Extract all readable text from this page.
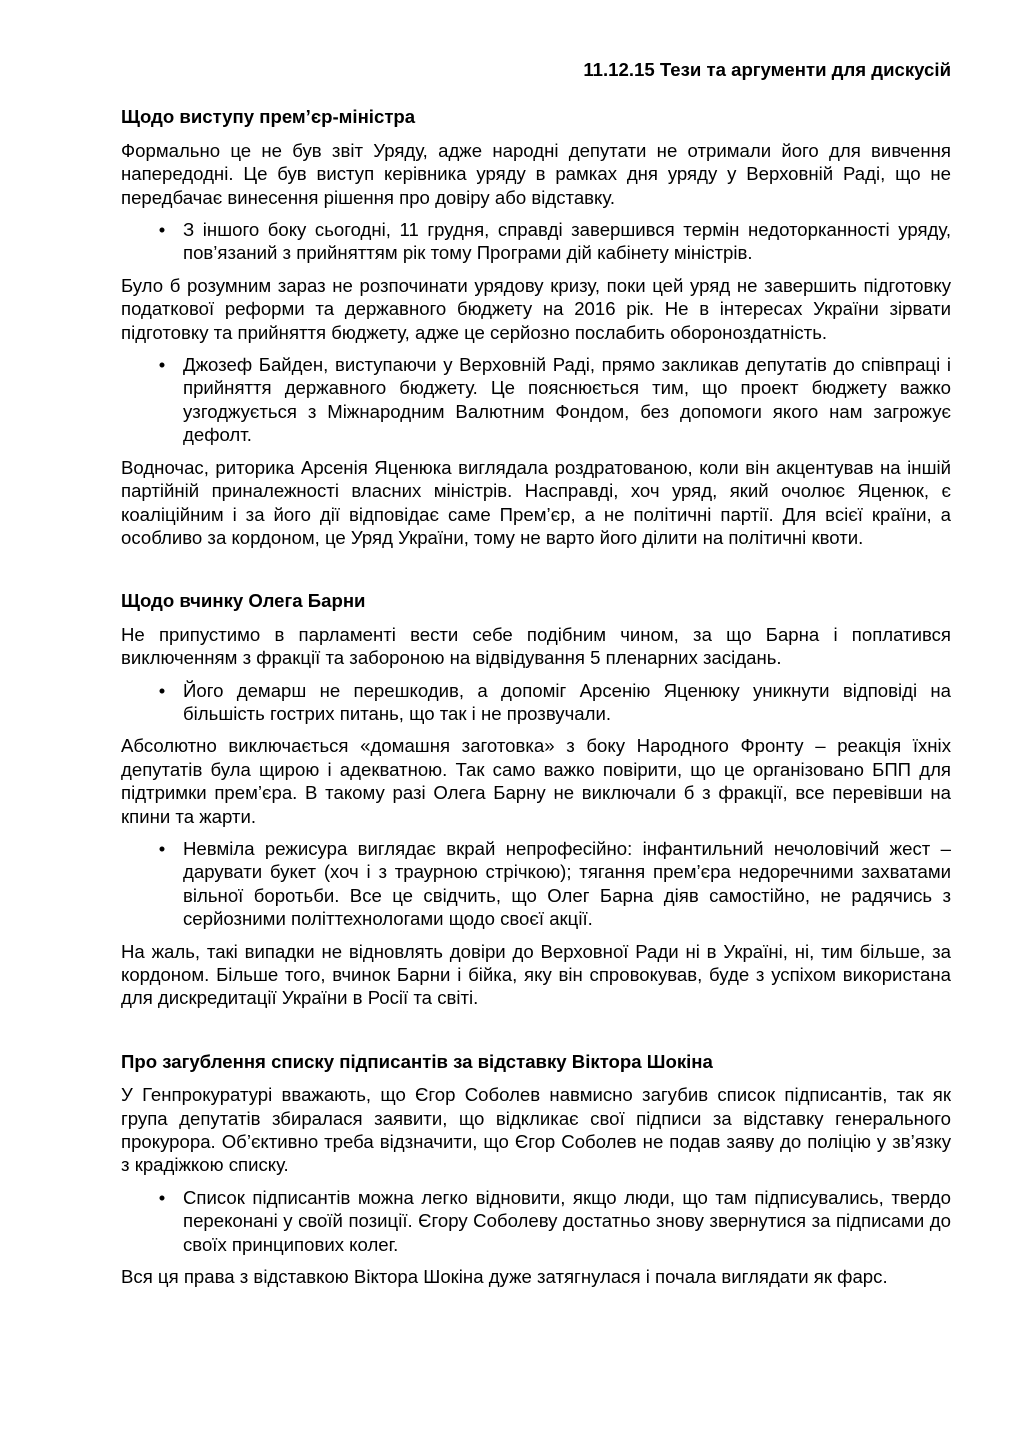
11.12.15 Тези та аргументи для дискусій
Щодо виступу прем’єр-міністра

Формально це не був звіт Уряду, адже народні депутати не отримали його для вивчення напередодні. Це був виступ керівника уряду в рамках дня уряду у Верховній Раді, що не передбачає винесення рішення про довіру або відставку.

• З іншого боку сьогодні, 11 грудня, справді завершився термін недоторканності уряду, пов’язаний з прийняттям рік тому Програми дій кабінету міністрів.

Було б розумним зараз не розпочинати урядову кризу, поки цей уряд не завершить підготовку податкової реформи та державного бюджету на 2016 рік. Не в інтересах України зірвати підготовку та прийняття бюджету, адже це серйозно послабить обороноздатність.

• Джозеф Байден, виступаючи у Верховній Раді, прямо закликав депутатів до співпраці і прийняття державного бюджету. Це пояснюється тим, що проект бюджету важко узгоджується з Міжнародним Валютним Фондом, без допомоги якого нам загрожує дефолт.

Водночас, риторика Арсенія Яценюка виглядала роздратованою, коли він акцентував на іншій партійній приналежності власних міністрів. Насправді, хоч уряд, який очолює Яценюк, є коаліційним і за його дії відповідає саме Прем’єр, а не політичні партії. Для всієї країни, а особливо за кордоном, це Уряд України, тому не варто його ділити на політичні квоти.

Щодо вчинку Олега Барни

Не припустимо в парламенті вести себе подібним чином, за що Барна і поплатився виключенням з фракції та забороною на відвідування 5 пленарних засідань.

• Його демарш не перешкодив, а допоміг Арсенію Яценюку уникнути відповіді на більшість гострих питань, що так і не прозвучали.

Абсолютно виключається «домашня заготовка» з боку Народного Фронту – реакція їхніх депутатів була щирою і адекватною. Так само важко повірити, що це організовано БПП для підтримки прем’єра. В такому разі Олега Барну не виключали б з фракції, все перевівши на кпини та жарти.

• Невміла режисура виглядає вкрай непрофесійно: інфантильний нечоловічий жест – дарувати букет (хоч і з траурною стрічкою); тягання прем’єра недоречними захватами вільної боротьби. Все це свідчить, що Олег Барна діяв самостійно, не радячись з серйозними політтехнологами щодо своєї акції.

На жаль, такі випадки не відновлять довіри до Верховної Ради ні в Україні, ні, тим більше, за кордоном. Більше того, вчинок Барни і бійка, яку він спровокував, буде з успіхом використана для дискредитації України в Росії та світі.

Про загублення списку підписантів за відставку Віктора Шокіна

У Генпрокуратурі вважають, що Єгор Соболев навмисно загубив список підписантів, так як група депутатів збиралася заявити, що відкликає свої підписи за відставку генерального прокурора. Об’єктивно треба відзначити, що Єгор Соболев не подав заяву до поліцію у зв’язку з крадіжкою списку.

• Список підписантів можна легко відновити, якщо люди, що там підписувались, твердо переконані у своїй позиції. Єгору Соболеву достатньо знову звернутися за підписами до своїх принципових колег.

Вся ця права з відставкою Віктора Шокіна дуже затягнулася і почала виглядати як фарс.
